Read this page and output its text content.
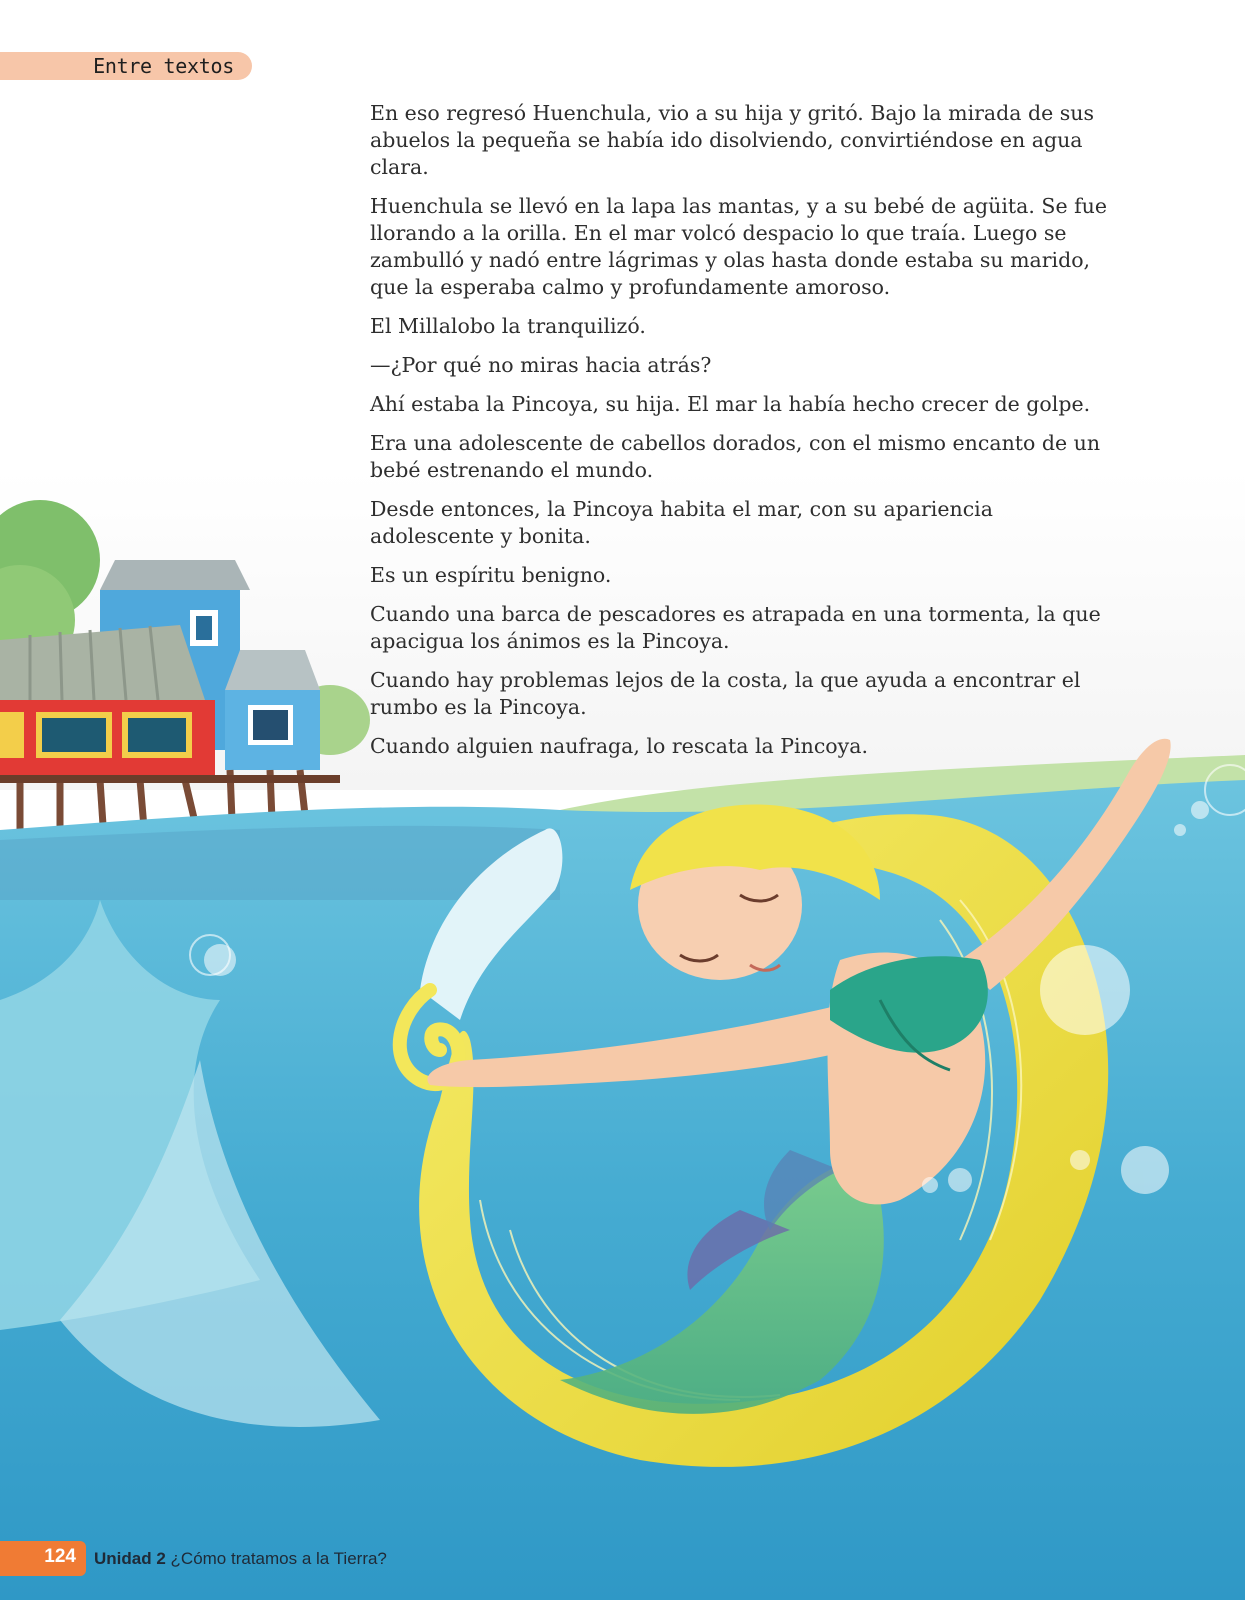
Entre textos

En eso regresó Huenchula, vio a su hija y gritó. Bajo la mirada de sus abuelos la pequeña se había ido disolviendo, convirtiéndose en agua clara.

Huenchula se llevó en la lapa las mantas, y a su bebé de agüita. Se fue llorando a la orilla. En el mar volcó despacio lo que traía. Luego se zambulló y nadó entre lágrimas y olas hasta donde estaba su marido, que la esperaba calmo y profundamente amoroso.

El Millalobo la tranquilizó.

—¿Por qué no miras hacia atrás?

Ahí estaba la Pincoya, su hija. El mar la había hecho crecer de golpe.

Era una adolescente de cabellos dorados, con el mismo encanto de un bebé estrenando el mundo.

Desde entonces, la Pincoya habita el mar, con su apariencia adolescente y bonita.

Es un espíritu benigno.

Cuando una barca de pescadores es atrapada en una tormenta, la que apacigua los ánimos es la Pincoya.

Cuando hay problemas lejos de la costa, la que ayuda a encontrar el rumbo es la Pincoya.

Cuando alguien naufraga, lo rescata la Pincoya.

124 Unidad 2 ¿Cómo tratamos a la Tierra?
